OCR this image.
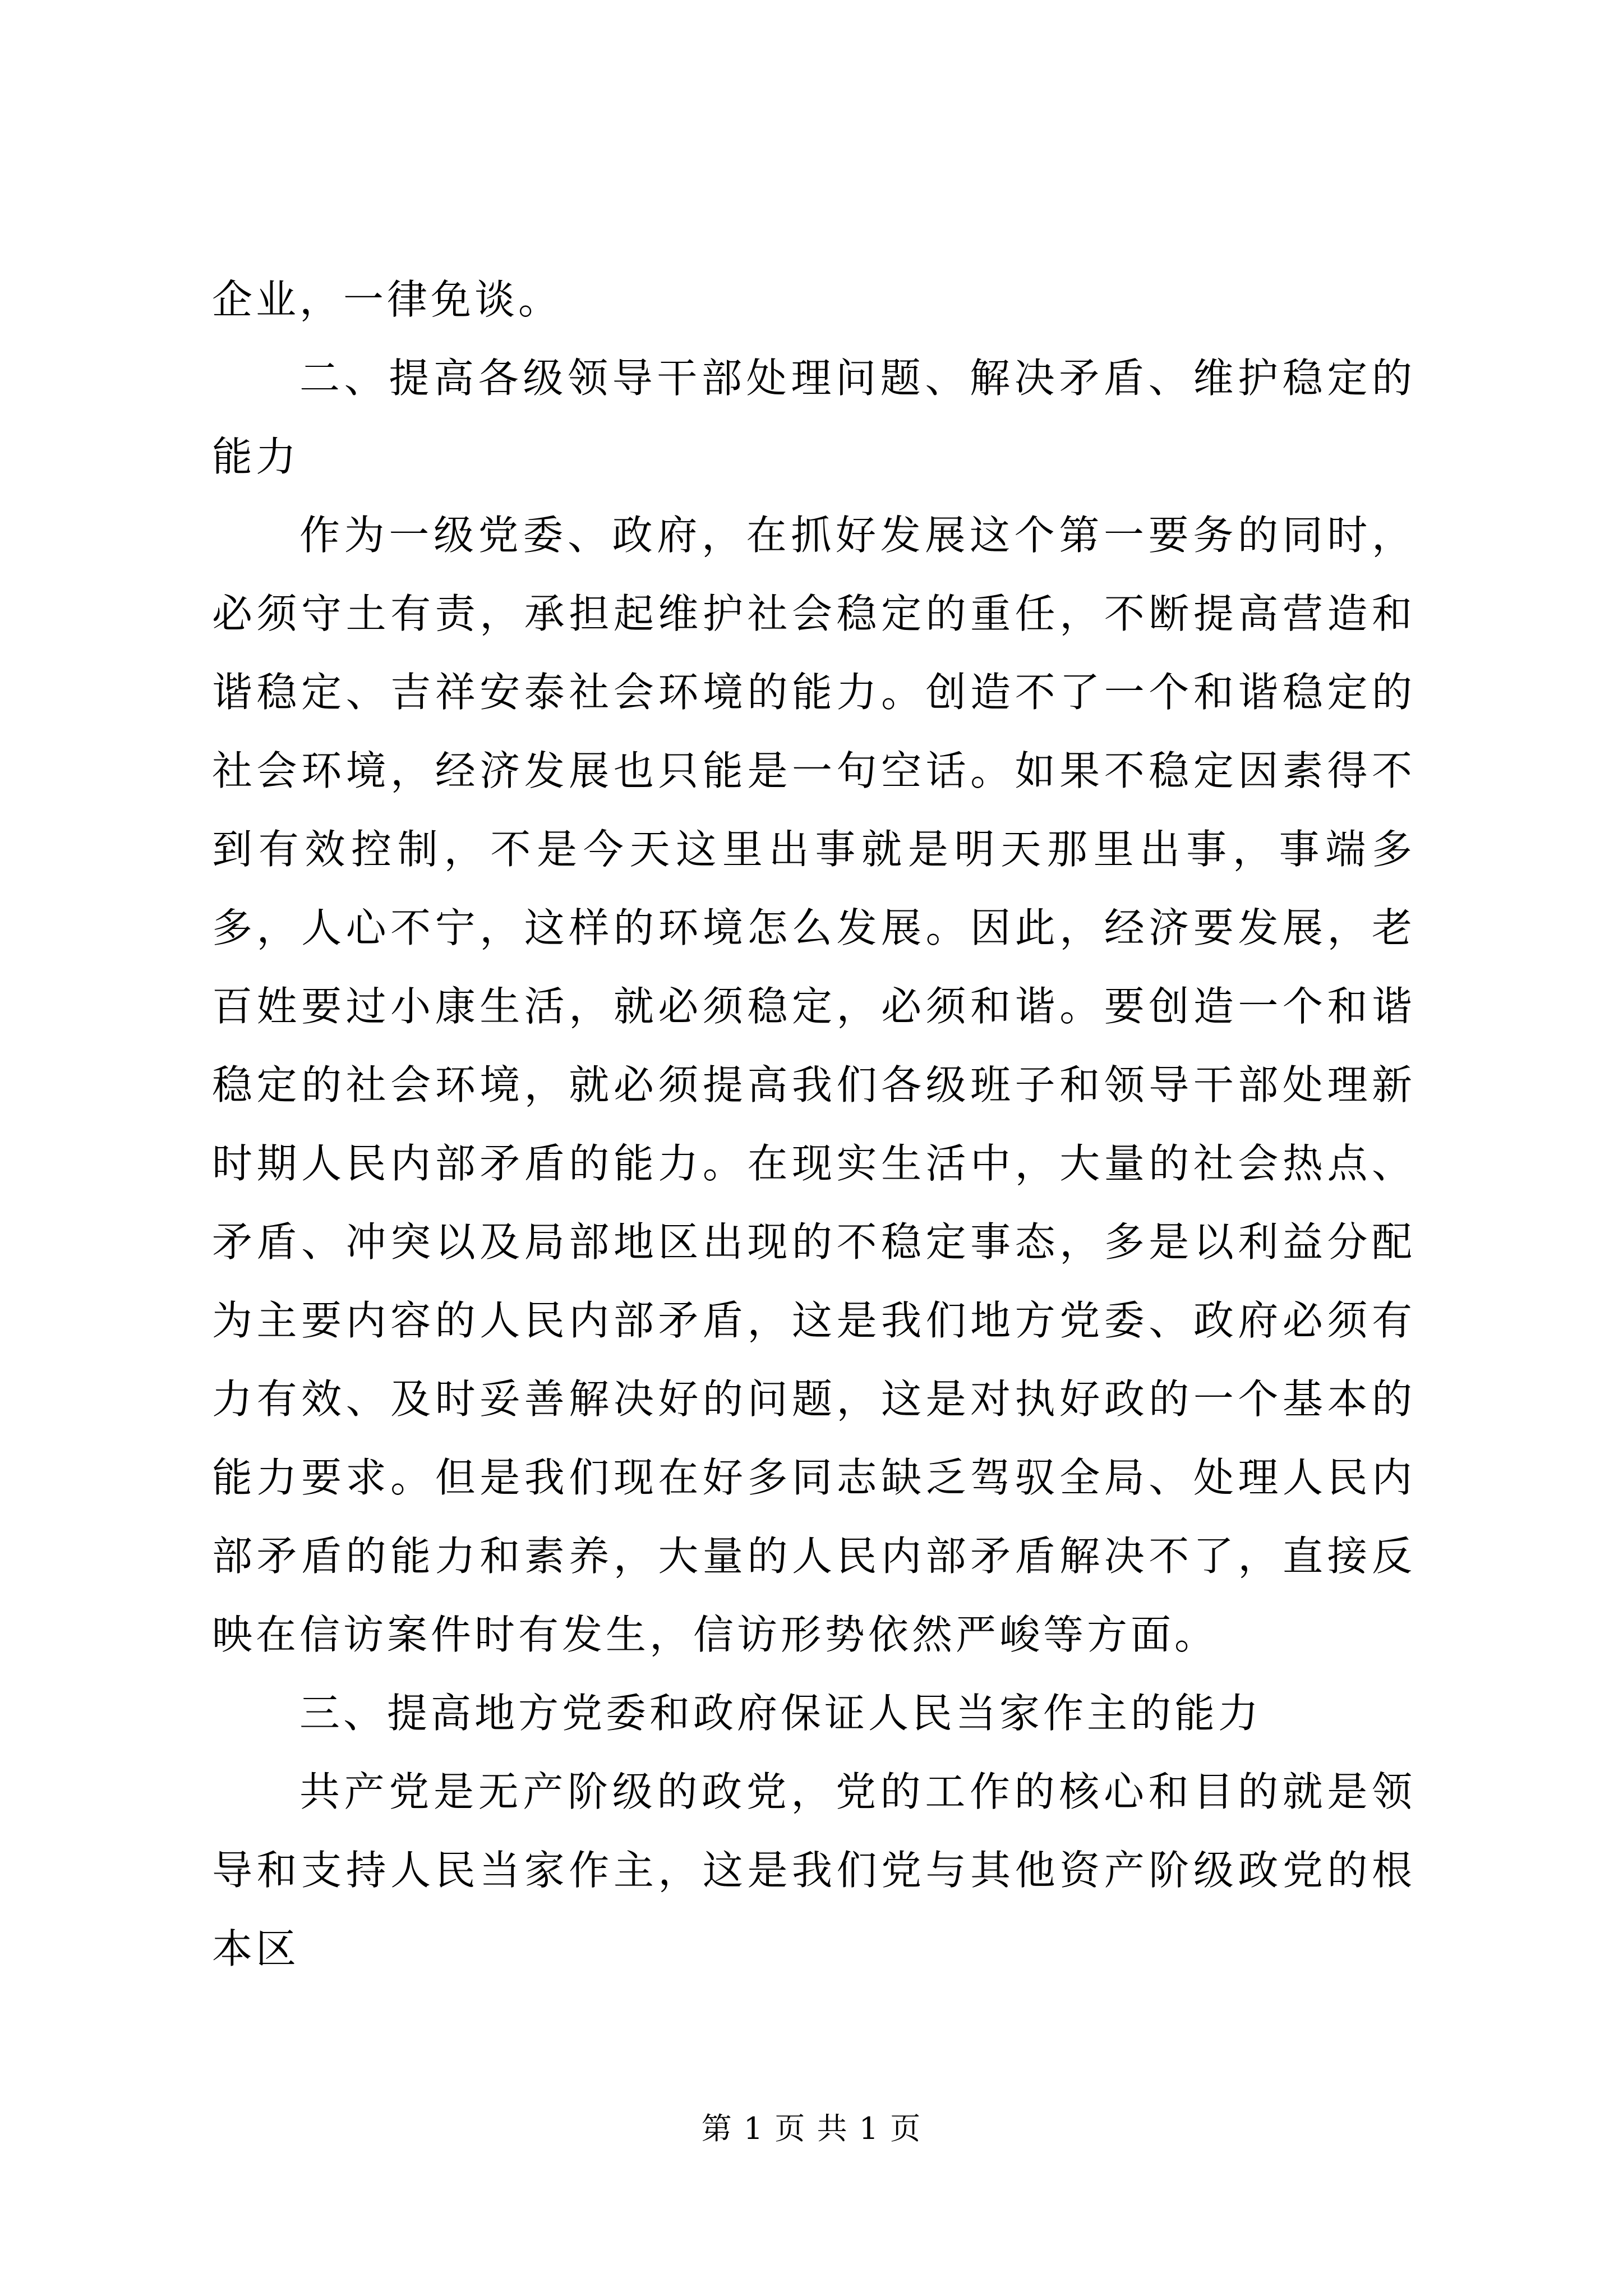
企业，一律免谈。

二、提高各级领导干部处理问题、解决矛盾、维护稳定的能力

作为一级党委、政府，在抓好发展这个第一要务的同时，必须守土有责，承担起维护社会稳定的重任，不断提高营造和谐稳定、吉祥安泰社会环境的能力。创造不了一个和谐稳定的社会环境，经济发展也只能是一句空话。如果不稳定因素得不到有效控制，不是今天这里出事就是明天那里出事，事端多多，人心不宁，这样的环境怎么发展。因此，经济要发展，老百姓要过小康生活，就必须稳定，必须和谐。要创造一个和谐稳定的社会环境，就必须提高我们各级班子和领导干部处理新时期人民内部矛盾的能力。在现实生活中，大量的社会热点、矛盾、冲突以及局部地区出现的不稳定事态，多是以利益分配为主要内容的人民内部矛盾，这是我们地方党委、政府必须有力有效、及时妥善解决好的问题，这是对执好政的一个基本的能力要求。但是我们现在好多同志缺乏驾驭全局、处理人民内部矛盾的能力和素养，大量的人民内部矛盾解决不了，直接反映在信访案件时有发生，信访形势依然严峻等方面。

三、提高地方党委和政府保证人民当家作主的能力

共产党是无产阶级的政党，党的工作的核心和目的就是领导和支持人民当家作主，这是我们党与其他资产阶级政党的根本区

第 1 页 共 1 页
